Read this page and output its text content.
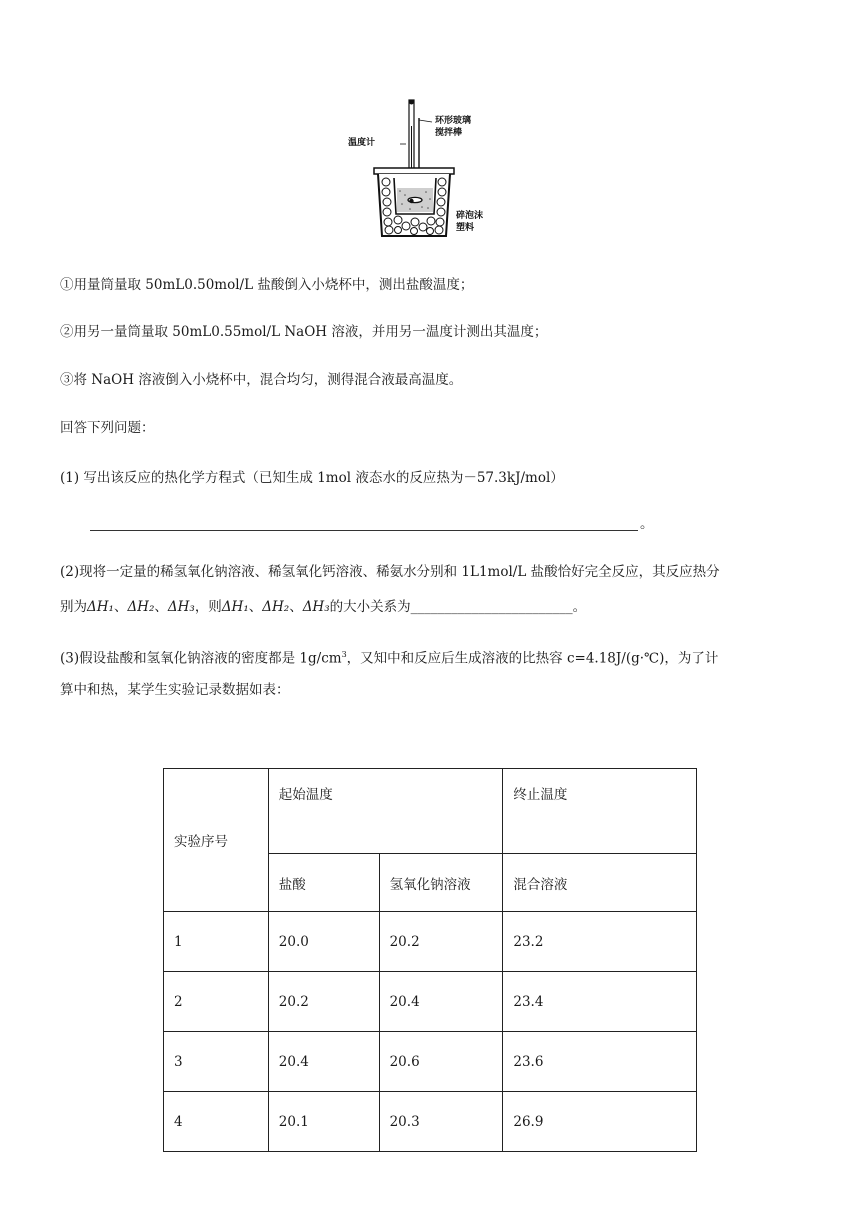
温度计
环形玻璃
搅拌棒
碎泡沫
塑料
①用量筒量取 50mL0.50mol/L 盐酸倒入小烧杯中，测出盐酸温度；
②用另一量筒量取 50mL0.55mol/L NaOH 溶液，并用另一温度计测出其温度；
③将 NaOH 溶液倒入小烧杯中，混合均匀，测得混合液最高温度。
回答下列问题：
(1) 写出该反应的热化学方程式（已知生成 1mol 液态水的反应热为－57.3kJ/mol）
。
(2)现将一定量的稀氢氧化钠溶液、稀氢氧化钙溶液、稀氨水分别和 1L1mol/L 盐酸恰好完全反应，其反应热分
别为ΔH₁、ΔH₂、ΔH₃，则ΔH₁、ΔH₂、ΔH₃的大小关系为________________________。
(3)假设盐酸和氢氧化钠溶液的密度都是 $1g/cm^3$，又知中和反应后生成溶液的比热容 c=4.18J/(g·℃)，为了计
算中和热，某学生实验记录数据如表：
实验序号	起始温度		终止温度
	盐酸	氢氧化钠溶液	混合溶液
1	20.0	20.2	23.2
2	20.2	20.4	23.4
3	20.4	20.6	23.6
4	20.1	20.3	26.9
